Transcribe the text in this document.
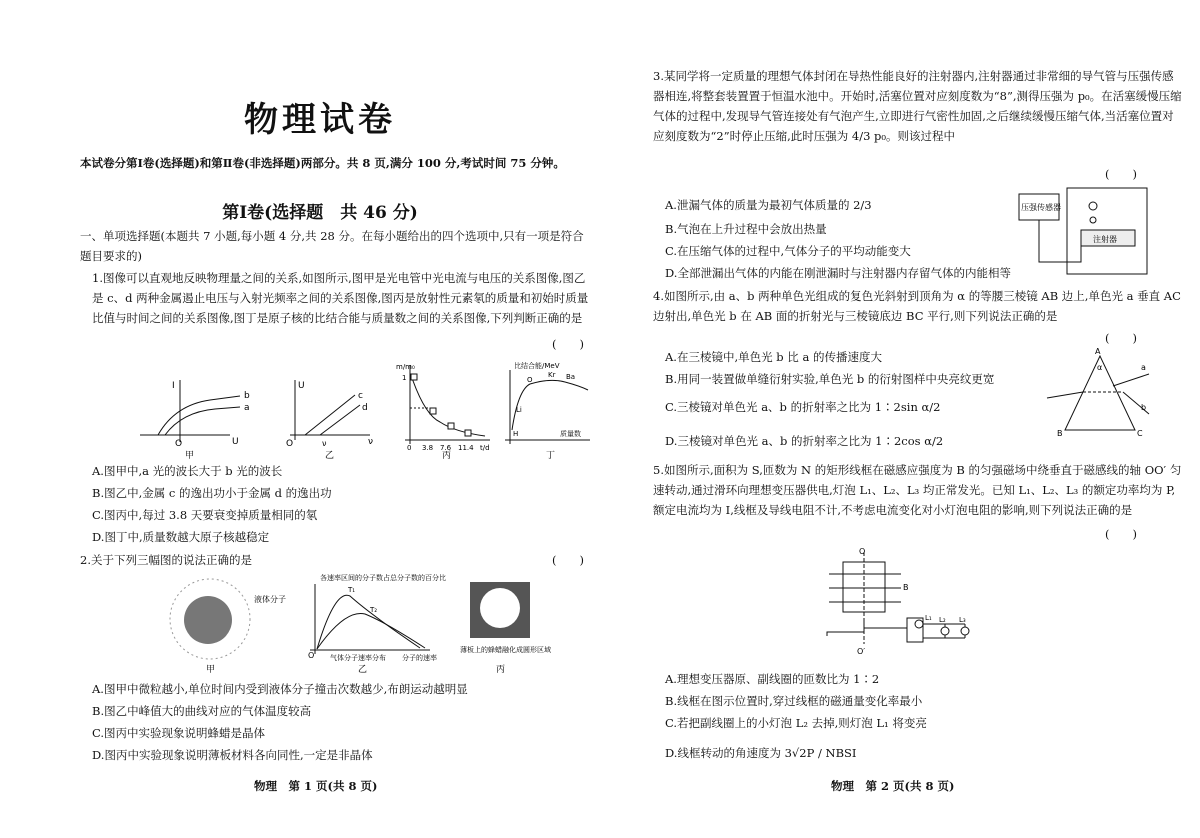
物理试卷
本试卷分第Ⅰ卷(选择题)和第Ⅱ卷(非选择题)两部分。共 8 页,满分 100 分,考试时间 75 分钟。
第Ⅰ卷(选择题　共 46 分)
一、单项选择题(本题共 7 小题,每小题 4 分,共 28 分。在每小题给出的四个选项中,只有一项是符合题目要求的)
1.图像可以直观地反映物理量之间的关系,如图所示,图甲是光电管中光电流与电压的关系图像,图乙是 c、d 两种金属遏止电压与入射光频率之间的关系图像,图丙是放射性元素氡的质量和初始时质量比值与时间之间的关系图像,图丁是原子核的比结合能与质量数之间的关系图像,下列判断正确的是
(　　)
I
U
O
b
a
甲
U
ν
O
c
d
ν
乙
m/m₀
1
0 3.8 7.6 11.4 t/d
丙
比结合能/MeV
O
Kr Ba
Li
H	质量数
丁
A.图甲中,a 光的波长大于 b 光的波长
B.图乙中,金属 c 的逸出功小于金属 d 的逸出功
C.图丙中,每过 3.8 天要衰变掉质量相同的氡
D.图丁中,质量数越大原子核越稳定
2.关于下列三幅图的说法正确的是	(　　)
液体分子
甲
各速率区间的分子数占总分子数的百分比
T₁
T₂
O	分子的速率
气体分子速率分布
乙
薄板上的蜂蜡融化成圆形区域
丙
A.图甲中微粒越小,单位时间内受到液体分子撞击次数越少,布朗运动越明显
B.图乙中峰值大的曲线对应的气体温度较高
C.图丙中实验现象说明蜂蜡是晶体
D.图丙中实验现象说明薄板材料各向同性,一定是非晶体
物理　第 1 页(共 8 页)
3.某同学将一定质量的理想气体封闭在导热性能良好的注射器内,注射器通过非常细的导气管与压强传感器相连,将整套装置置于恒温水池中。开始时,活塞位置对应刻度数为“8”,测得压强为 p₀。在活塞缓慢压缩气体的过程中,发现导气管连接处有气泡产生,立即进行气密性加固,之后继续缓慢压缩气体,当活塞位置对应刻度数为“2”时停止压缩,此时压强为 4/3 p₀。则该过程中
(　　)
压强传感器
注射器
A.泄漏气体的质量为最初气体质量的 2/3
B.气泡在上升过程中会放出热量
C.在压缩气体的过程中,气体分子的平均动能变大
D.全部泄漏出气体的内能在刚泄漏时与注射器内存留气体的内能相等
4.如图所示,由 a、b 两种单色光组成的复色光斜射到顶角为 α 的等腰三棱镜 AB 边上,单色光 a 垂直 AC 边射出,单色光 b 在 AB 面的折射光与三棱镜底边 BC 平行,则下列说法正确的是
(　　)
A
α
B	C
a
b
A.在三棱镜中,单色光 b 比 a 的传播速度大
B.用同一装置做单缝衍射实验,单色光 b 的衍射图样中央亮纹更宽
C.三棱镜对单色光 a、b 的折射率之比为 1∶2sin α/2
D.三棱镜对单色光 a、b 的折射率之比为 1∶2cos α/2
5.如图所示,面积为 S,匝数为 N 的矩形线框在磁感应强度为 B 的匀强磁场中绕垂直于磁感线的轴 OO′ 匀速转动,通过滑环向理想变压器供电,灯泡 L₁、L₂、L₃ 均正常发光。已知 L₁、L₂、L₃ 的额定功率均为 P,额定电流均为 I,线框及导线电阻不计,不考虑电流变化对小灯泡电阻的影响,则下列说法正确的是
(　　)
O
O′
B
L₁ L₂ L₃
A.理想变压器原、副线圈的匝数比为 1∶2
B.线框在图示位置时,穿过线框的磁通量变化率最小
C.若把副线圈上的小灯泡 L₂ 去掉,则灯泡 L₁ 将变亮
D.线框转动的角速度为 3√2P / NBSI
物理　第 2 页(共 8 页)
